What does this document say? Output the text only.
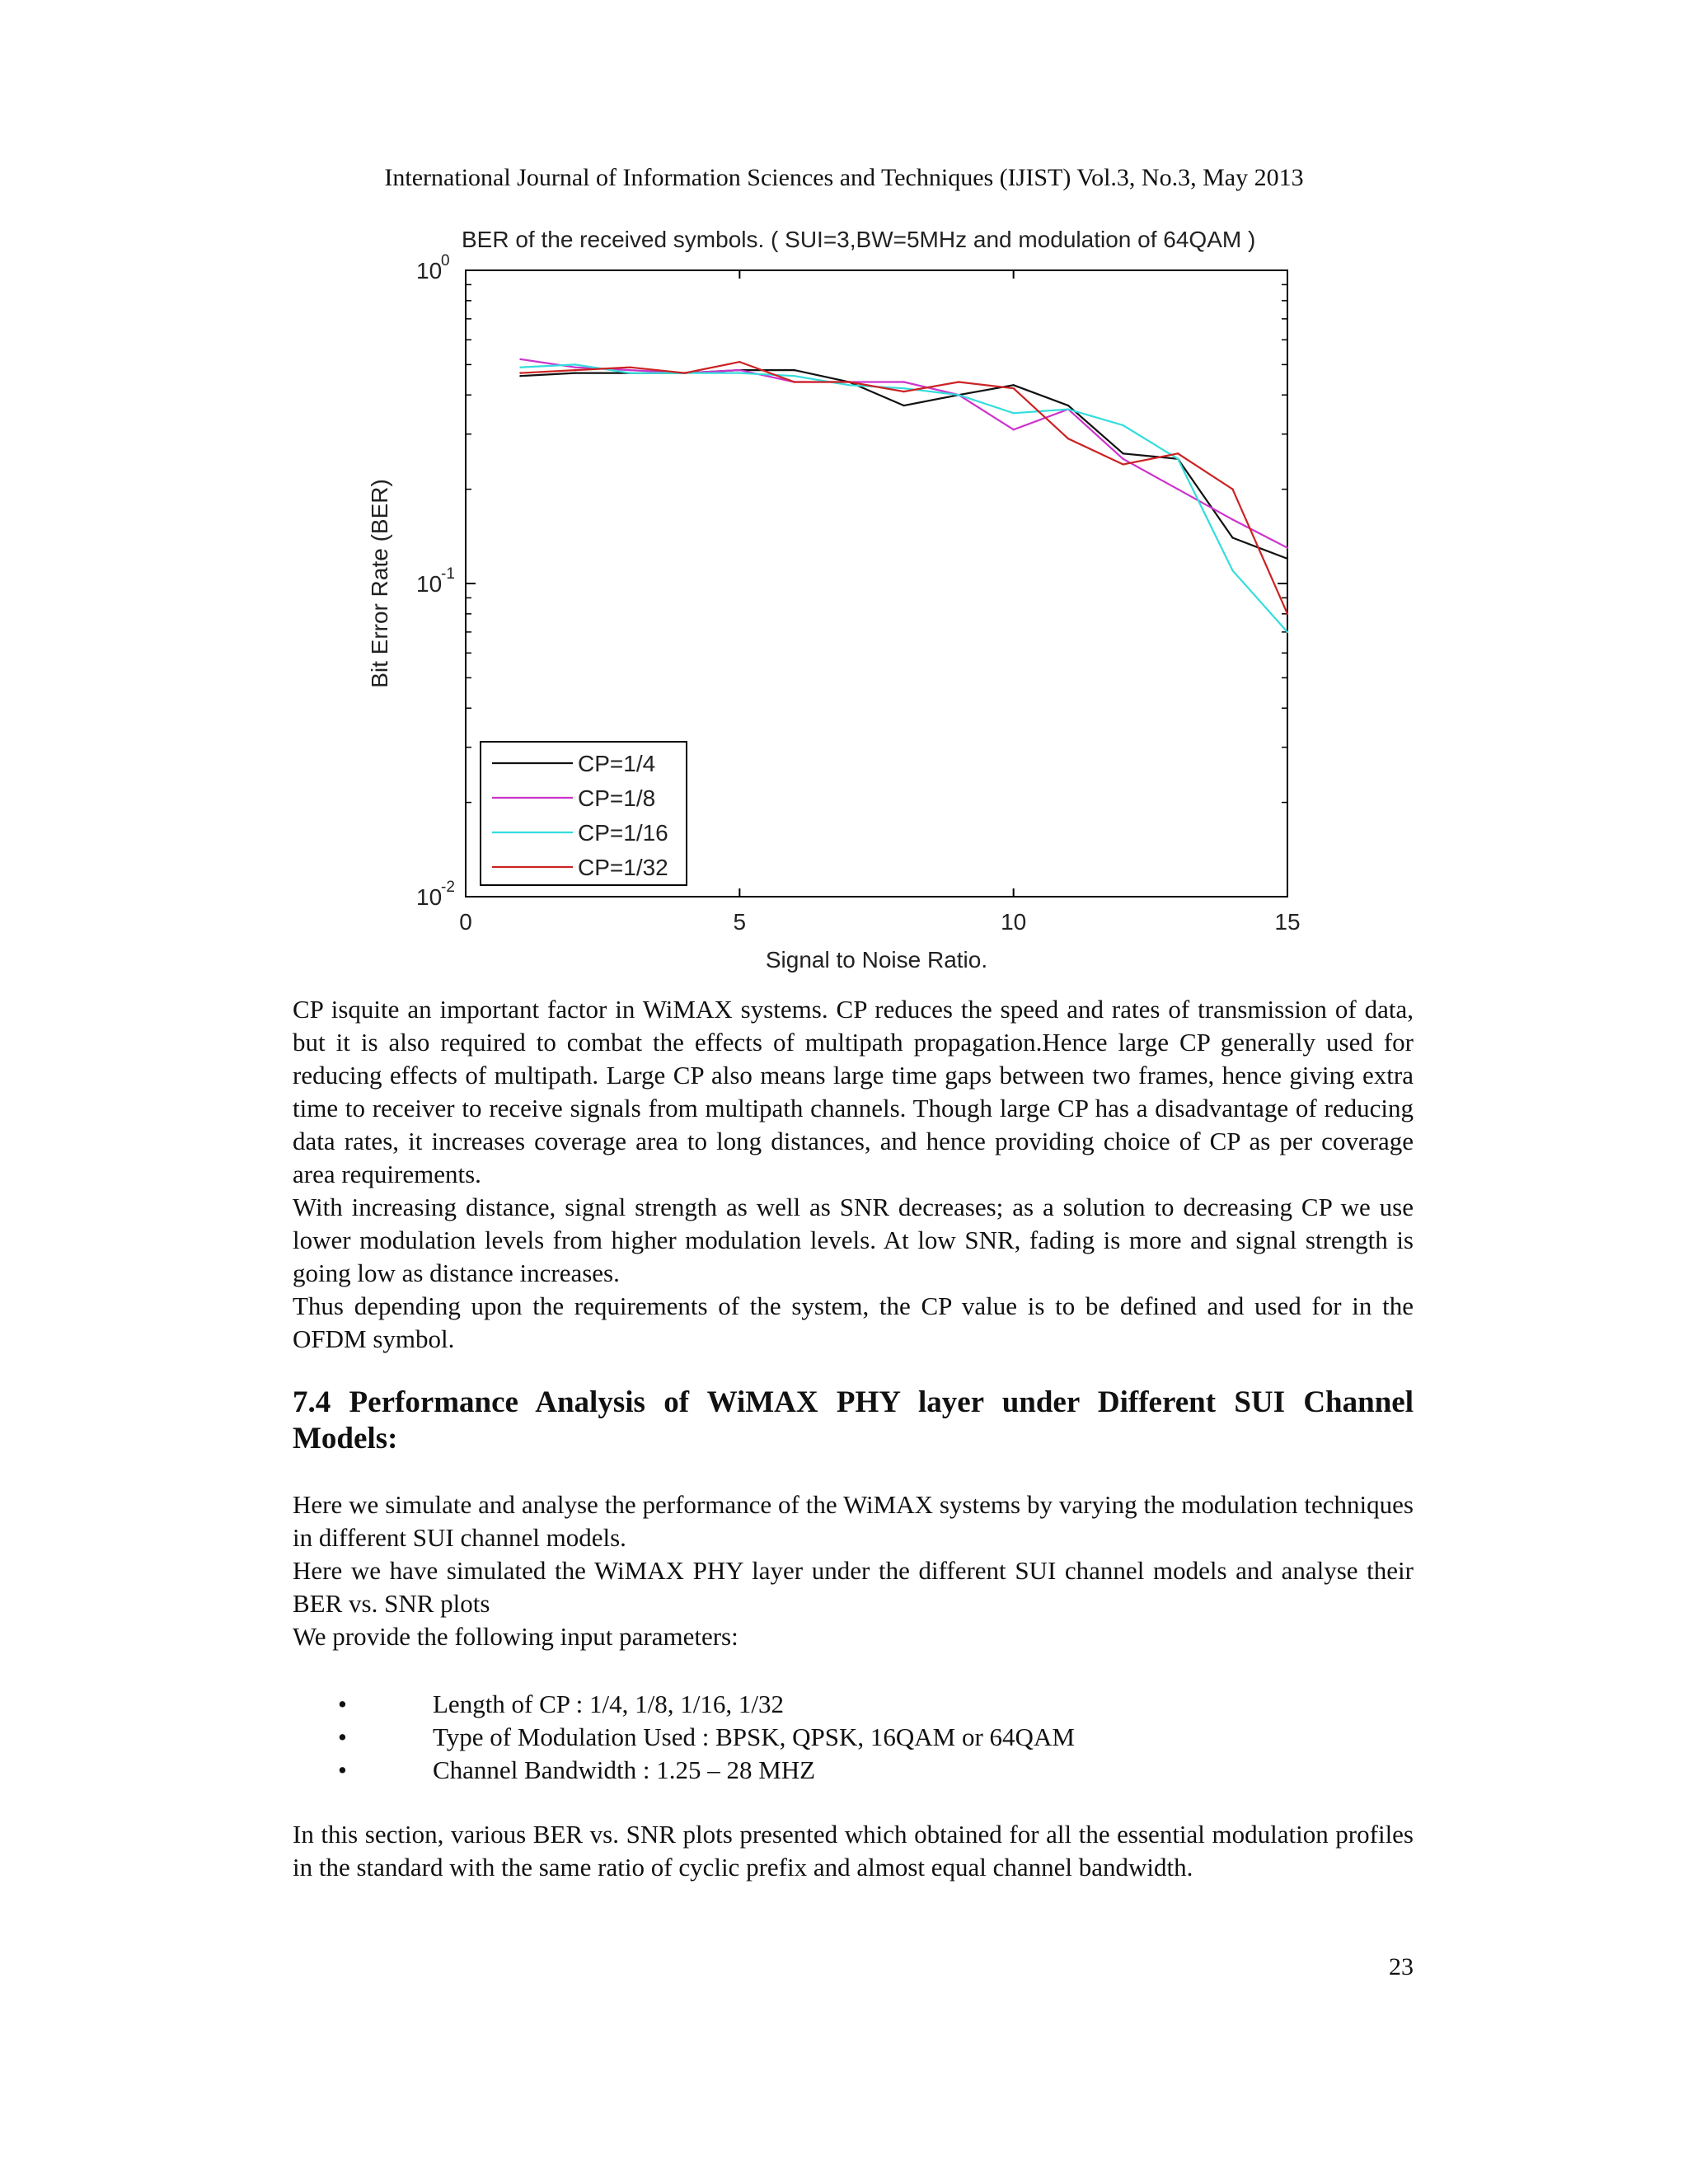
International Journal of Information Sciences and Techniques (IJIST) Vol.3, No.3, May 2013
BER of the received symbols. ( SUI=3,BW=5MHz and modulation of 64QAM )
0	5	10	15
10
0
10
-1
10
-2
Signal to Noise Ratio.
Bit Error Rate (BER)
CP=1/4
CP=1/8
CP=1/16
CP=1/32

CP isquite an important factor in WiMAX systems. CP reduces the speed and rates of transmission of data, but it is also required to combat the effects of multipath propagation.Hence large CP generally used for reducing effects of multipath. Large CP also means large time gaps between two frames, hence giving extra time to receiver to receive signals from multipath channels. Though large CP has a disadvantage of reducing data rates, it increases coverage area to long distances, and hence providing choice of CP as per coverage area requirements.

With increasing distance, signal strength as well as SNR decreases; as a solution to decreasing CP we use lower modulation levels from higher modulation levels. At low SNR, fading is more and signal strength is going low as distance increases.

Thus depending upon the requirements of the system, the CP value is to be defined and used for in the OFDM symbol.

7.4 Performance Analysis of WiMAX PHY layer under Different SUI Channel Models:

Here we simulate and analyse the performance of the WiMAX systems by varying the modulation techniques in different SUI channel models.

Here we have simulated the WiMAX PHY layer under the different SUI channel models and analyse their BER vs. SNR plots

We provide the following input parameters:

•	Length of CP : 1/4, 1/8, 1/16, 1/32
•	Type of Modulation Used : BPSK, QPSK, 16QAM or 64QAM
•	Channel Bandwidth : 1.25 – 28 MHZ

In this section, various BER vs. SNR plots presented which obtained for all the essential modulation profiles in the standard with the same ratio of cyclic prefix and almost equal channel bandwidth.

23
